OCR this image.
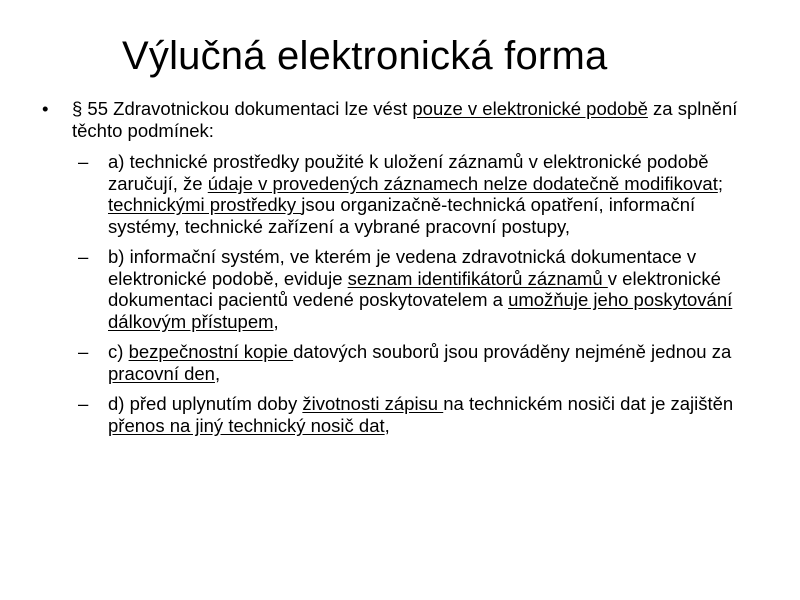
Výlučná elektronická forma
• § 55 Zdravotnickou dokumentaci lze vést pouze v elektronické podobě za splnění těchto podmínek:
– a) technické prostředky použité k uložení záznamů v elektronické podobě zaručují, že údaje v provedených záznamech nelze dodatečně modifikovat; technickými prostředky jsou organizačně-technická opatření, informační systémy, technické zařízení a vybrané pracovní postupy,
– b) informační systém, ve kterém je vedena zdravotnická dokumentace v elektronické podobě, eviduje seznam identifikátorů záznamů v elektronické dokumentaci pacientů vedené poskytovatelem a umožňuje jeho poskytování dálkovým přístupem,
– c) bezpečnostní kopie datových souborů jsou prováděny nejméně jednou za pracovní den,
– d) před uplynutím doby životnosti zápisu na technickém nosiči dat je zajištěn přenos na jiný technický nosič dat,
